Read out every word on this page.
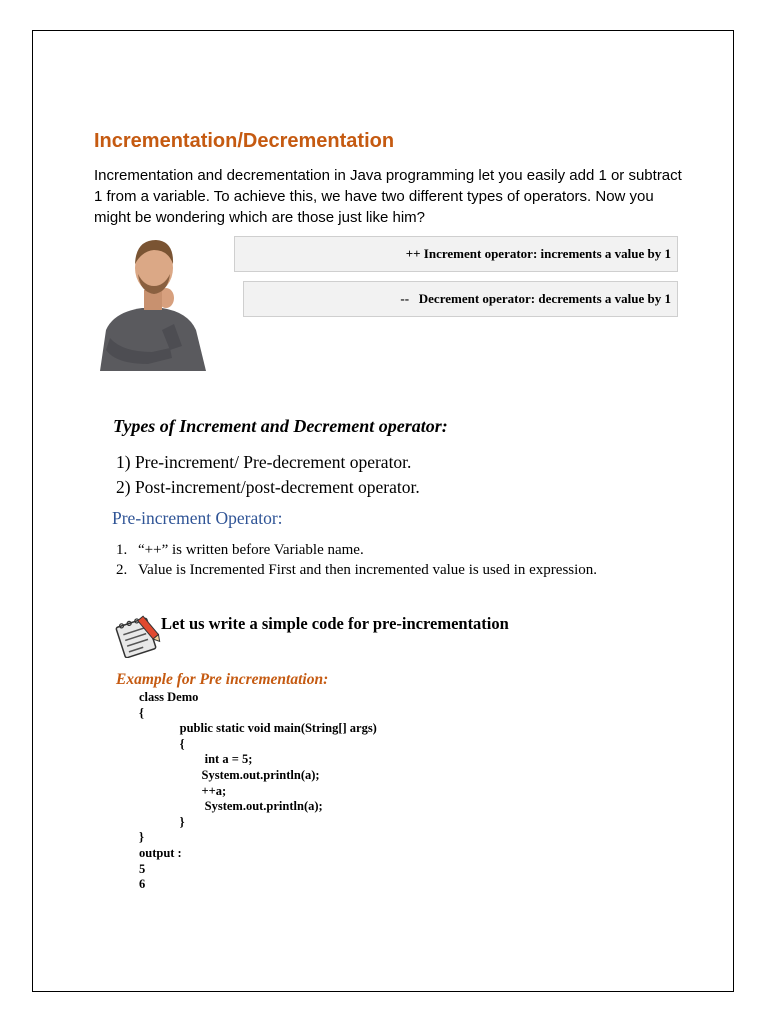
Incrementation/Decrementation
Incrementation and decrementation in Java programming let you easily add 1 or subtract 1 from a variable. To achieve this, we have two different types of operators. Now you might be wondering which are those just like him?
++ Increment operator: increments a value by 1
--   Decrement operator: decrements a value by 1
Types of Increment and Decrement operator:
1) Pre-increment/ Pre-decrement operator.
2) Post-increment/post-decrement operator.
Pre-increment Operator:
1. “++” is written before Variable name.
2. Value is Incremented First and then incremented value is used in expression.
Let us write a simple code for pre-incrementation
Example for Pre incrementation:
class Demo
{
public static void main(String[] args)
{
int a = 5;
System.out.println(a);
++a;
System.out.println(a);
}
}
output :
5
6
